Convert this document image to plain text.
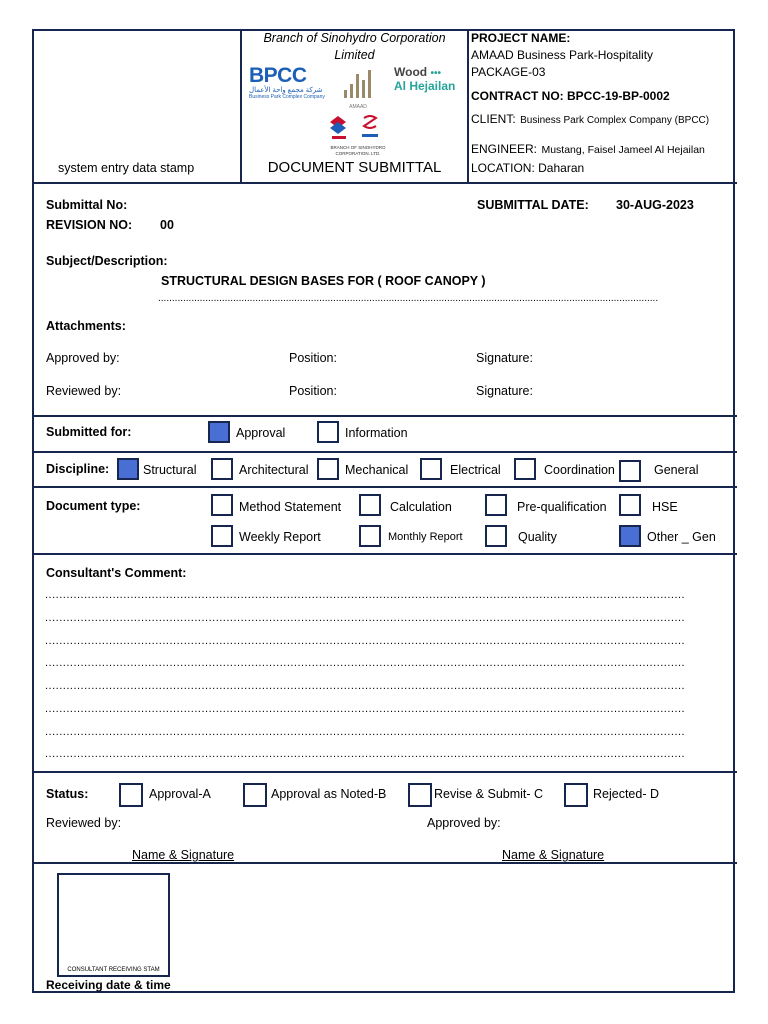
system entry data stamp
Branch of Sinohydro Corporation
Limited
BPCC
شركة مجمع واحة الأعمال
Business Park Complex Company
AMAAD
Wood •••
Al Hejailan
BRANCH OF SINOHYDRO CORPORATION. LTD.
DOCUMENT SUBMITTAL
PROJECT NAME:
AMAAD Business Park-Hospitality
PACKAGE-03
CONTRACT NO: BPCC-19-BP-0002
CLIENT: Business Park Complex Company (BPCC)
ENGINEER: Mustang, Faisel Jameel Al Hejailan
LOCATION: Daharan
Submittal No:
REVISION NO: 00
SUBMITTAL DATE: 30-AUG-2023
Subject/Description:
STRUCTURAL DESIGN BASES FOR ( ROOF CANOPY )
....................................................................................................................................................................................
Attachments:
Approved by:	Position:	Signature:
Reviewed by:	Position:	Signature:
Submitted for:	Approval	Information
Discipline:	Structural	Architectural	Mechanical	Electrical	Coordination	General
Document type:	Method Statement	Calculation	Pre-qualification	HSE
Weekly Report	Monthly Report	Quality	Other _ Gen
Consultant's Comment:
....................................................................................................................................................................................
....................................................................................................................................................................................
....................................................................................................................................................................................
....................................................................................................................................................................................
....................................................................................................................................................................................
....................................................................................................................................................................................
....................................................................................................................................................................................
....................................................................................................................................................................................
Status:	Approval-A	Approval as Noted-B	Revise & Submit- C	Rejected- D
Reviewed by:	Approved by:
Name & Signature	Name & Signature
CONSULTANT RECEIVING STAM
Receiving date & time
